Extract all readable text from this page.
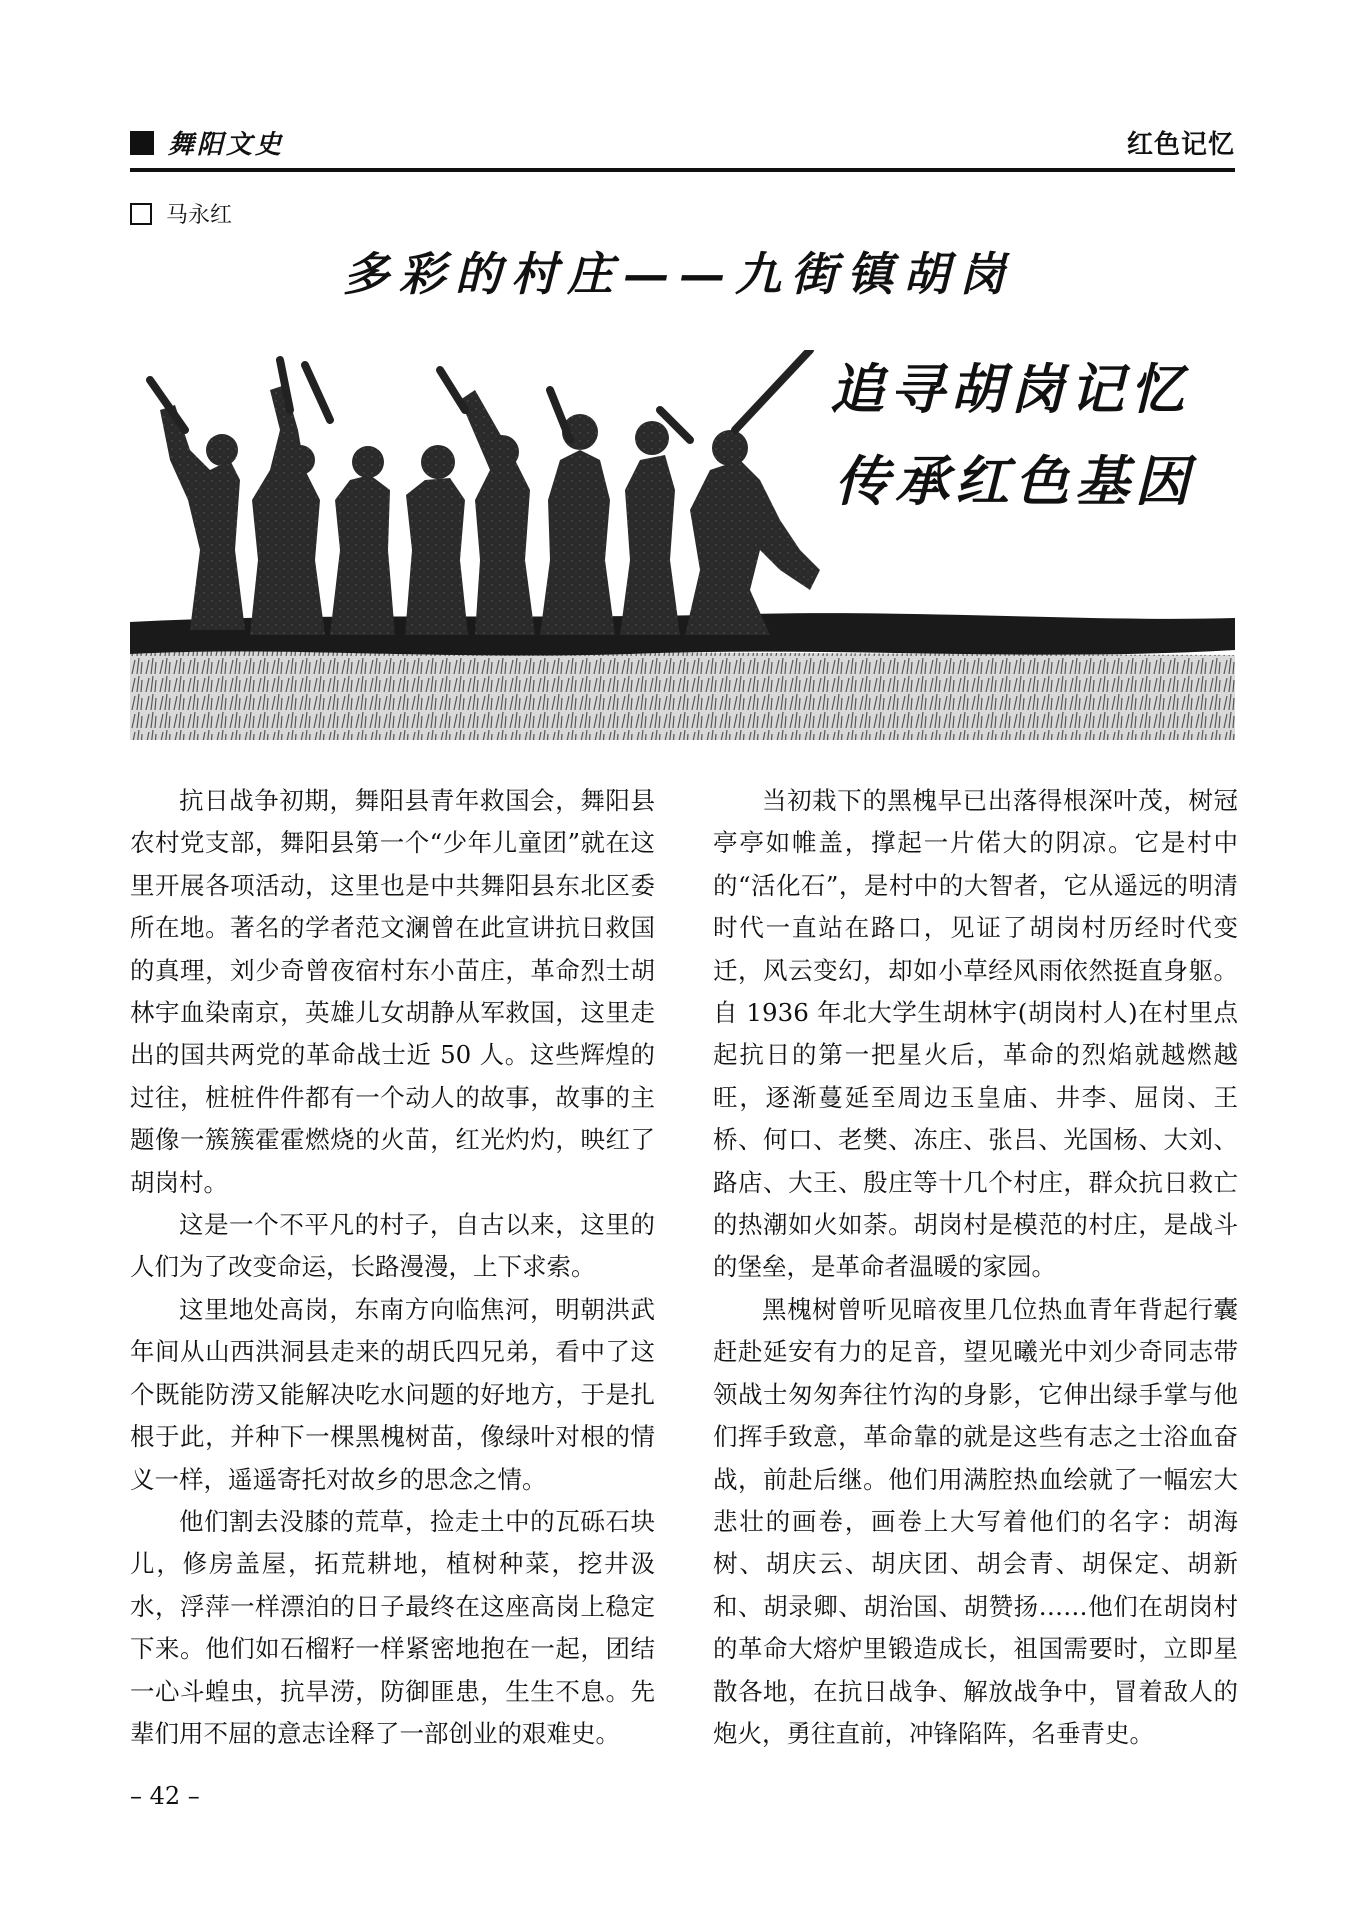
舞阳文史	红色记忆
马永红
多彩的村庄——九街镇胡岗
追寻胡岗记忆
传承红色基因

抗日战争初期，舞阳县青年救国会，舞阳县农村党支部，舞阳县第一个“少年儿童团”就在这里开展各项活动，这里也是中共舞阳县东北区委所在地。著名的学者范文澜曾在此宣讲抗日救国的真理，刘少奇曾夜宿村东小苗庄，革命烈士胡林宇血染南京，英雄儿女胡静从军救国，这里走出的国共两党的革命战士近 50 人。这些辉煌的过往，桩桩件件都有一个动人的故事，故事的主题像一簇簇霍霍燃烧的火苗，红光灼灼，映红了胡岗村。

这是一个不平凡的村子，自古以来，这里的人们为了改变命运，长路漫漫，上下求索。

这里地处高岗，东南方向临焦河，明朝洪武年间从山西洪洞县走来的胡氏四兄弟，看中了这个既能防涝又能解决吃水问题的好地方，于是扎根于此，并种下一棵黑槐树苗，像绿叶对根的情义一样，遥遥寄托对故乡的思念之情。

他们割去没膝的荒草，捡走土中的瓦砾石块儿，修房盖屋，拓荒耕地，植树种菜，挖井汲水，浮萍一样漂泊的日子最终在这座高岗上稳定下来。他们如石榴籽一样紧密地抱在一起，团结一心斗蝗虫，抗旱涝，防御匪患，生生不息。先辈们用不屈的意志诠释了一部创业的艰难史。

当初栽下的黑槐早已出落得根深叶茂，树冠亭亭如帷盖，撑起一片偌大的阴凉。它是村中的“活化石”，是村中的大智者，它从遥远的明清时代一直站在路口，见证了胡岗村历经时代变迁，风云变幻，却如小草经风雨依然挺直身躯。自 1936 年北大学生胡林宇(胡岗村人)在村里点起抗日的第一把星火后，革命的烈焰就越燃越旺，逐渐蔓延至周边玉皇庙、井李、屈岗、王桥、何口、老樊、冻庄、张吕、光国杨、大刘、路店、大王、殷庄等十几个村庄，群众抗日救亡的热潮如火如荼。胡岗村是模范的村庄，是战斗的堡垒，是革命者温暖的家园。

黑槐树曾听见暗夜里几位热血青年背起行囊赶赴延安有力的足音，望见曦光中刘少奇同志带领战士匆匆奔往竹沟的身影，它伸出绿手掌与他们挥手致意，革命靠的就是这些有志之士浴血奋战，前赴后继。他们用满腔热血绘就了一幅宏大悲壮的画卷，画卷上大写着他们的名字：胡海树、胡庆云、胡庆团、胡会青、胡保定、胡新和、胡录卿、胡治国、胡赞扬……他们在胡岗村的革命大熔炉里锻造成长，祖国需要时，立即星散各地，在抗日战争、解放战争中，冒着敌人的炮火，勇往直前，冲锋陷阵，名垂青史。

– 42 –
